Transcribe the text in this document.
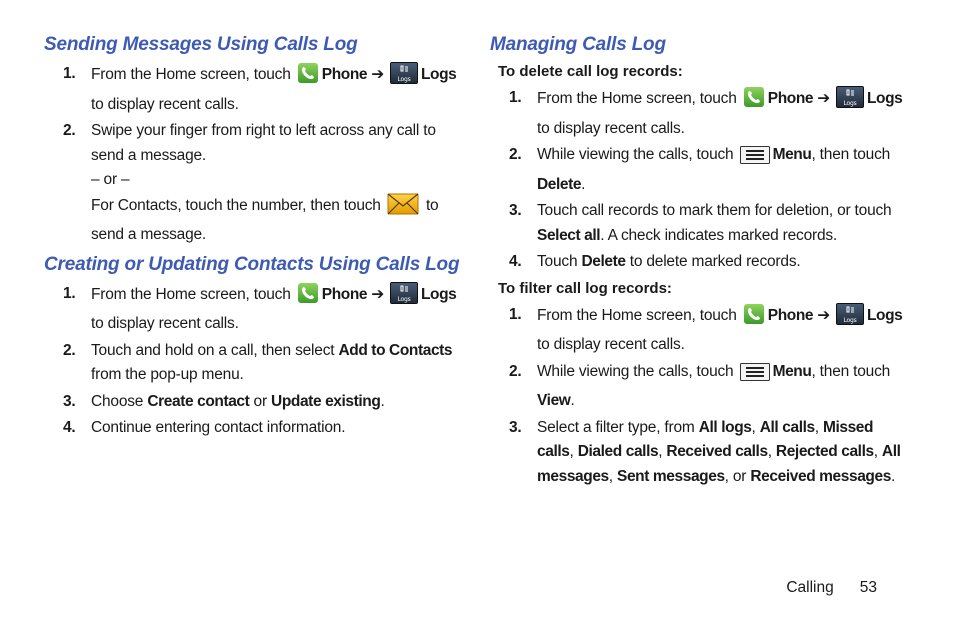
Sending Messages Using Calls Log
1. From the Home screen, touch Phone ➔ Logs Logs to display recent calls.
2. Swipe your finger from right to left across any call to send a message.
– or –
For Contacts, touch the number, then touch	to send a message.
Creating or Updating Contacts Using Calls Log
1. From the Home screen, touch Phone ➔ Logs Logs to display recent calls.
2. Touch and hold on a call, then select Add to Contacts from the pop-up menu.
3. Choose Create contact or Update existing.
4. Continue entering contact information.
Managing Calls Log
To delete call log records:
1. From the Home screen, touch Phone ➔ Logs Logs to display recent calls.
2. While viewing the calls, touch	Menu, then touch Delete.
3. Touch call records to mark them for deletion, or touch Select all. A check indicates marked records.
4. Touch Delete to delete marked records.
To filter call log records:
1. From the Home screen, touch Phone ➔ Logs Logs to display recent calls.
2. While viewing the calls, touch	Menu, then touch View.
3. Select a filter type, from All logs, All calls, Missed calls, Dialed calls, Received calls, Rejected calls, All messages, Sent messages, or Received messages.
Calling 53
